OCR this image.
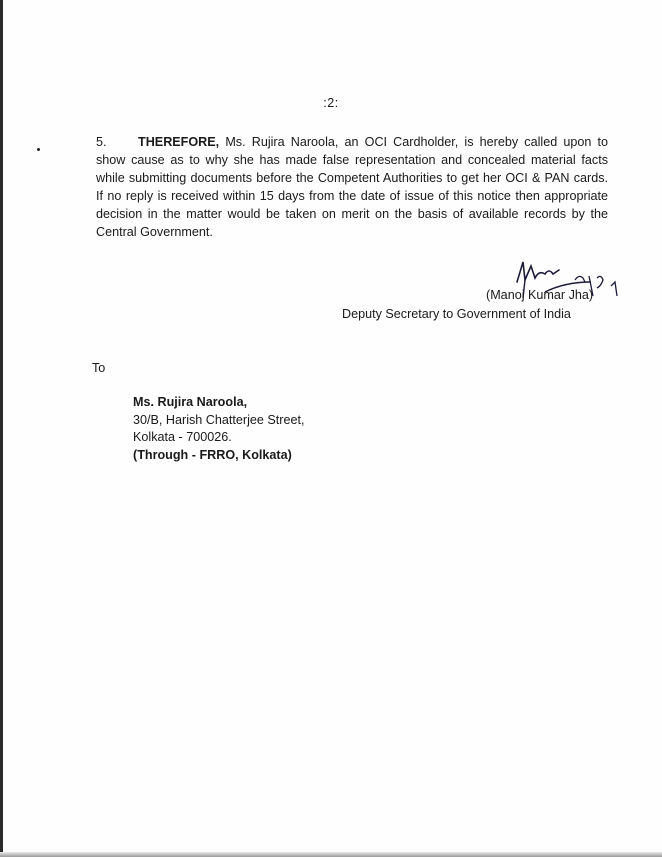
:2:
5. THEREFORE, Ms. Rujira Naroola, an OCI Cardholder, is hereby called upon to show cause as to why she has made false representation and concealed material facts while submitting documents before the Competent Authorities to get her OCI & PAN cards. If no reply is received within 15 days from the date of issue of this notice then appropriate decision in the matter would be taken on merit on the basis of available records by the Central Government.
(Manoj Kumar Jha)
Deputy Secretary to Government of India
To
Ms. Rujira Naroola,
30/B, Harish Chatterjee Street,
Kolkata - 700026.
(Through - FRRO, Kolkata)
